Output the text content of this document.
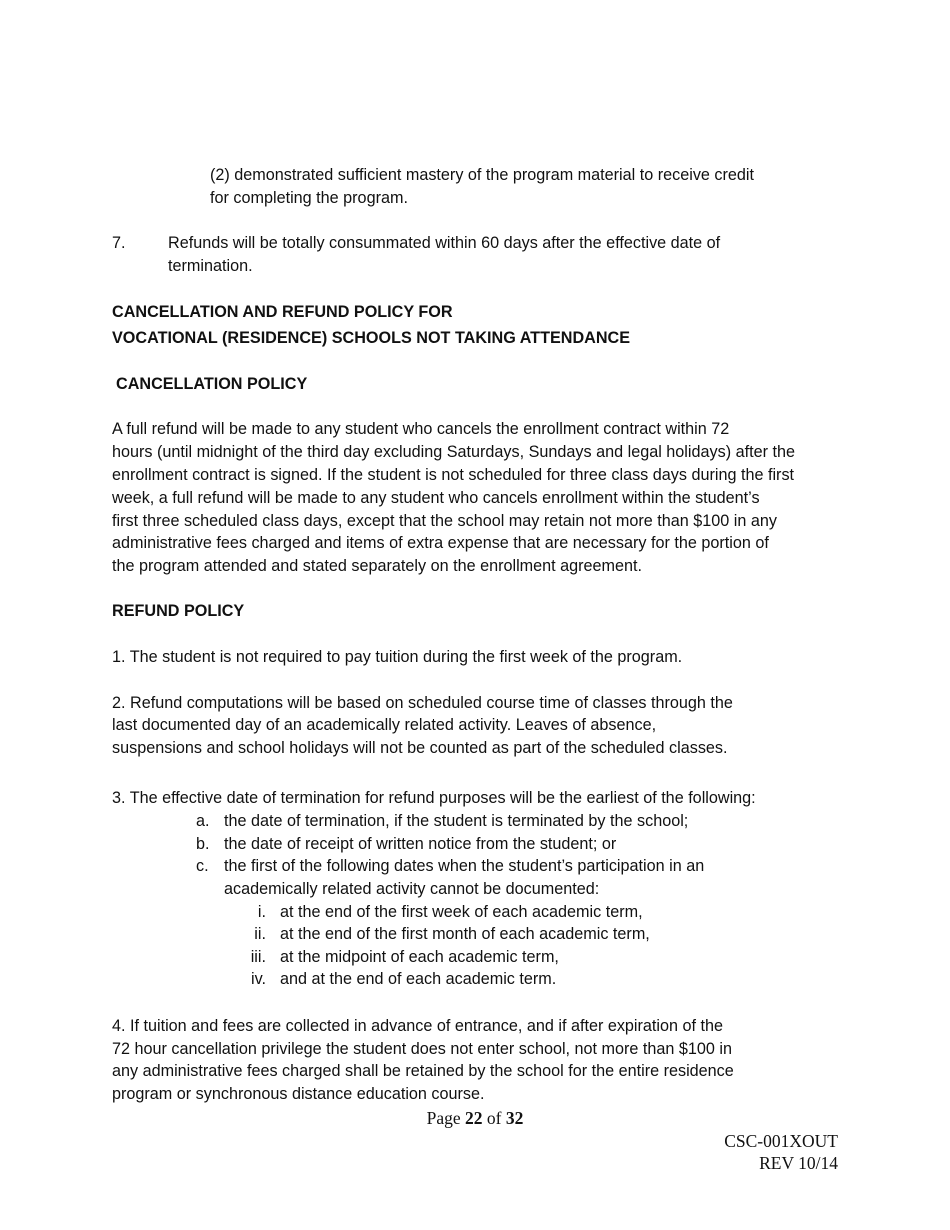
(2) demonstrated sufficient mastery of the program material to receive credit
for completing the program.
7.	Refunds will be totally consummated within 60 days after the effective date of
termination.
CANCELLATION AND REFUND POLICY FOR
VOCATIONAL (RESIDENCE) SCHOOLS NOT TAKING ATTENDANCE
CANCELLATION POLICY
A full refund will be made to any student who cancels the enrollment contract within 72
hours (until midnight of the third day excluding Saturdays, Sundays and legal holidays) after the
enrollment contract is signed. If the student is not scheduled for three class days during the first
week, a full refund will be made to any student who cancels enrollment within the student’s
first three scheduled class days, except that the school may retain not more than $100 in any
administrative fees charged and items of extra expense that are necessary for the portion of
the program attended and stated separately on the enrollment agreement.
REFUND POLICY
1. The student is not required to pay tuition during the first week of the program.
2. Refund computations will be based on scheduled course time of classes through the
last documented day of an academically related activity. Leaves of absence,
suspensions and school holidays will not be counted as part of the scheduled classes.
3. The effective date of termination for refund purposes will be the earliest of the following:
a. the date of termination, if the student is terminated by the school;
b. the date of receipt of written notice from the student; or
c. the first of the following dates when the student’s participation in an
academically related activity cannot be documented:
i. at the end of the first week of each academic term,
ii. at the end of the first month of each academic term,
iii. at the midpoint of each academic term,
iv. and at the end of each academic term.
4. If tuition and fees are collected in advance of entrance, and if after expiration of the
72 hour cancellation privilege the student does not enter school, not more than $100 in
any administrative fees charged shall be retained by the school for the entire residence
program or synchronous distance education course.
Page 22 of 32
CSC-001XOUT
REV 10/14
